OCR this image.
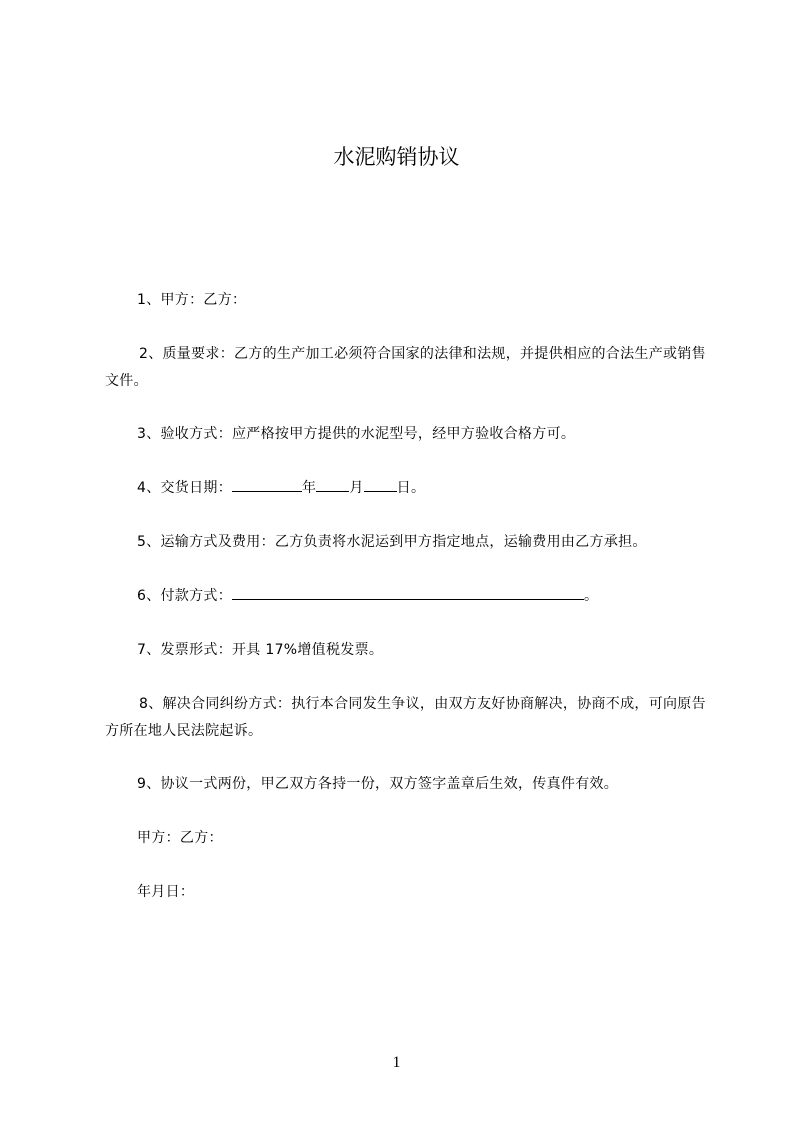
水泥购销协议
1、甲方：乙方：
2、质量要求：乙方的生产加工必须符合国家的法律和法规，并提供相应的合法生产或销售文件。
3、验收方式：应严格按甲方提供的水泥型号，经甲方验收合格方可。
4、交货日期：	年 月 日。
5、运输方式及费用：乙方负责将水泥运到甲方指定地点，运输费用由乙方承担。
6、付款方式：	。
7、发票形式：开具 17%增值税发票。
8、解决合同纠纷方式：执行本合同发生争议，由双方友好协商解决，协商不成，可向原告方所在地人民法院起诉。
9、协议一式两份，甲乙双方各持一份，双方签字盖章后生效，传真件有效。
甲方：乙方：
年月日：
1
